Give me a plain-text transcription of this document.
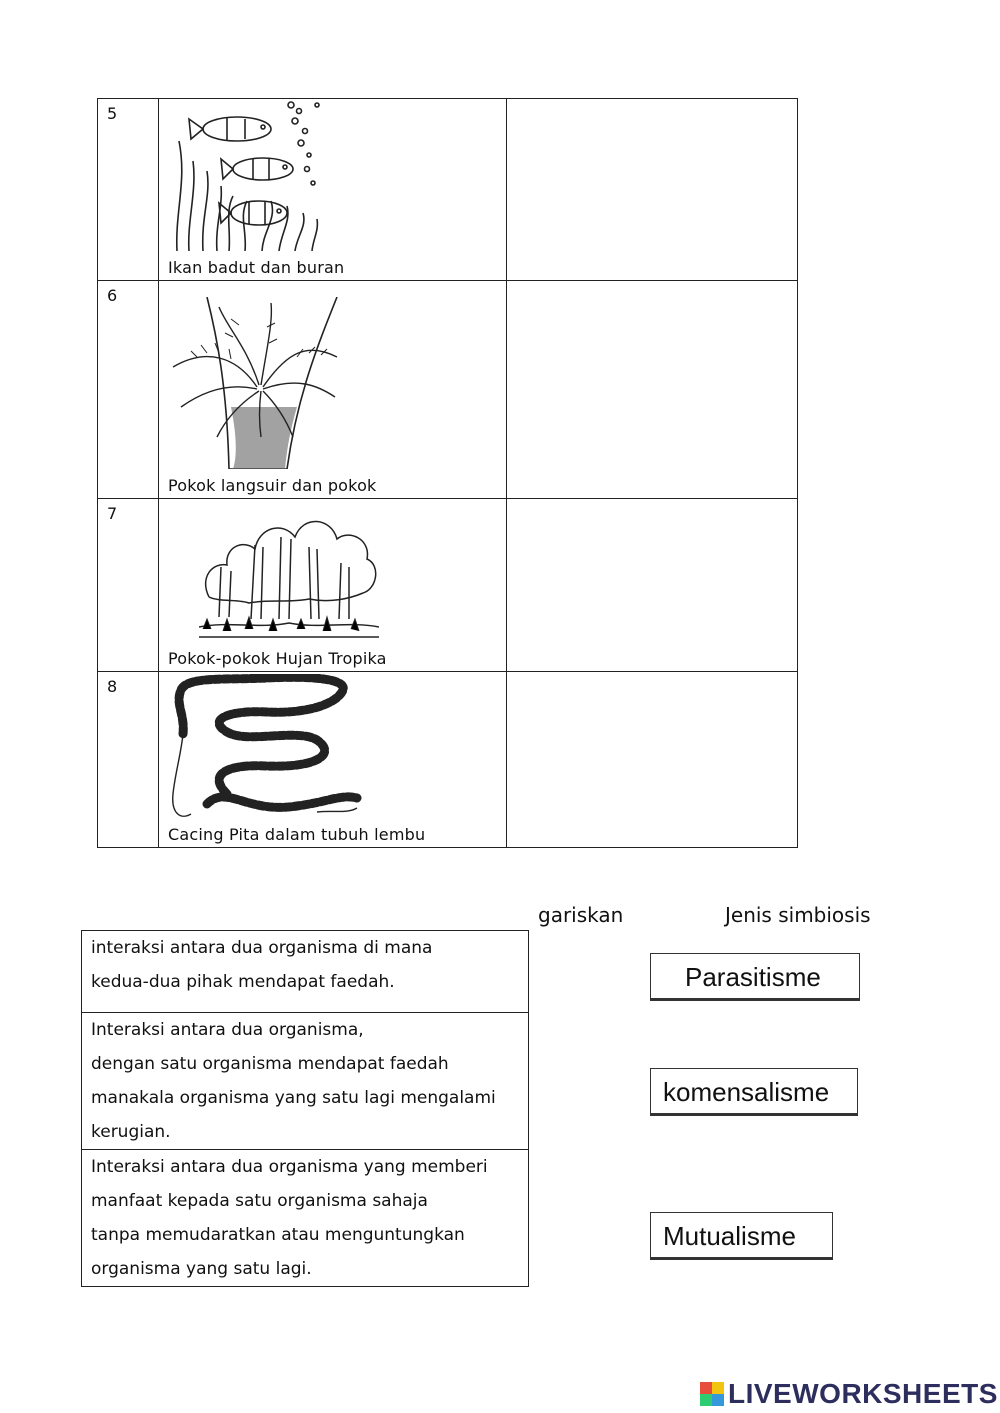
5	Ikan badut dan buran	

6	Pokok langsuir dan pokok	

7	Pokok-pokok Hujan Tropika	

8	Cacing Pita dalam tubuh lembu	

gariskan	Jenis simbiosis
interaksi antara dua organisma di mana
kedua-dua pihak mendapat faedah.

Interaksi antara dua organisma,
dengan satu organisma mendapat faedah
manakala organisma yang satu lagi mengalami
kerugian.

Interaksi antara dua organisma yang memberi
manfaat kepada satu organisma sahaja
tanpa memudaratkan atau menguntungkan
organisma yang satu lagi.
Parasitisme
komensalisme
Mutualisme
LIVEWORKSHEETS
